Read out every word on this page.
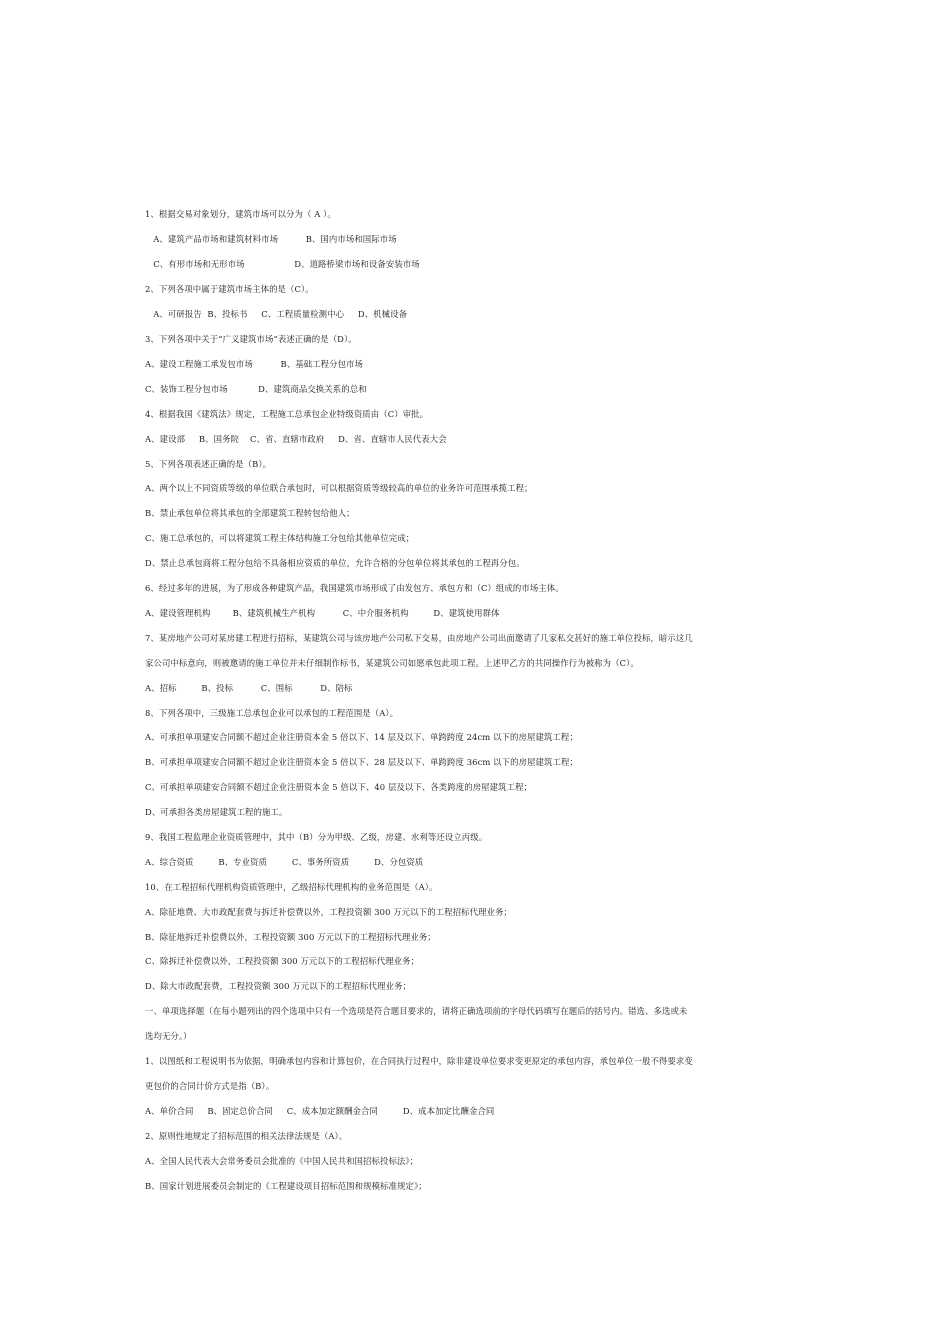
1、根据交易对象划分，建筑市场可以分为（ A ）。
A、建筑产品市场和建筑材料市场          B、国内市场和国际市场
C、有形市场和无形市场                  D、道路桥梁市场和设备安装市场
2、下列各项中属于建筑市场主体的是（C）。
A、可研报告  B、投标书     C、工程质量检测中心     D、机械设备
3、下列各项中关于“广义建筑市场”表述正确的是（D）。
A、建设工程施工承发包市场          B、基础工程分包市场
C、装饰工程分包市场           D、建筑商品交换关系的总和
4、根据我国《建筑法》规定，工程施工总承包企业特级资质由（C）审批。
A、建设部     B、国务院    C、省、直辖市政府     D、省、直辖市人民代表大会
5、下列各项表述正确的是（B）。
A、两个以上不同资质等级的单位联合承包时，可以根据资质等级较高的单位的业务许可范围承揽工程；
B、禁止承包单位将其承包的全部建筑工程转包给他人；
C、施工总承包的，可以将建筑工程主体结构施工分包给其他单位完成；
D、禁止总承包商将工程分包给不具备相应资质的单位，允许合格的分包单位将其承包的工程再分包。
6、经过多年的进展，为了形成各种建筑产品，我国建筑市场形成了由发包方、承包方和（C）组成的市场主体。
A、建设管理机构        B、建筑机械生产机构          C、中介服务机构         D、建筑使用群体
7、某房地产公司对某房建工程进行招标，某建筑公司与该房地产公司私下交易，由房地产公司出面邀请了几家私交甚好的施工单位投标，暗示这几
家公司中标意向，则被邀请的施工单位并未仔细制作标书，某建筑公司如愿承包此项工程。上述甲乙方的共同操作行为被称为（C）。
A、招标         B、投标          C、围标          D、陪标
8、下列各项中，三级施工总承包企业可以承包的工程范围是（A）。
A、可承担单项建安合同额不超过企业注册资本金 5 倍以下、14 层及以下、单跨跨度 24cm 以下的房屋建筑工程；
B、可承担单项建安合同额不超过企业注册资本金 5 倍以下、28 层及以下、单跨跨度 36cm 以下的房屋建筑工程；
C、可承担单项建安合同额不超过企业注册资本金 5 倍以下、40 层及以下、各类跨度的房屋建筑工程；
D、可承担各类房屋建筑工程的施工。
9、我国工程监理企业资质管理中，其中（B）分为甲级、乙级，房建、水利等还设立丙级。
A、综合资质         B、专业资质         C、事务所资质         D、分包资质
10、在工程招标代理机构资质管理中，乙级招标代理机构的业务范围是（A）。
A、除征地费、大市政配套费与拆迁补偿费以外，工程投资额 300 万元以下的工程招标代理业务；
B、除征地拆迁补偿费以外，工程投资额 300 万元以下的工程招标代理业务；
C、除拆迁补偿费以外，工程投资额 300 万元以下的工程招标代理业务；
D、除大市政配套费，工程投资额 300 万元以下的工程招标代理业务；
一、单项选择题（在每小题列出的四个选项中只有一个选项是符合题目要求的，请将正确选项前的字母代码填写在题后的括号内。错选、多选或未
选均无分。）
1、以图纸和工程说明书为依据，明确承包内容和计算包价，在合同执行过程中，除非建设单位要求变更原定的承包内容，承包单位一般不得要求变
更包价的合同计价方式是指（B）。
A、单价合同     B、固定总价合同     C、成本加定额酬金合同         D、成本加定比酬金合同
2、原则性地规定了招标范围的相关法律法规是（A）。
A、全国人民代表大会常务委员会批准的《中国人民共和国招标投标法》；
B、国家计划进展委员会制定的《工程建设项目招标范围和规模标准规定》；
